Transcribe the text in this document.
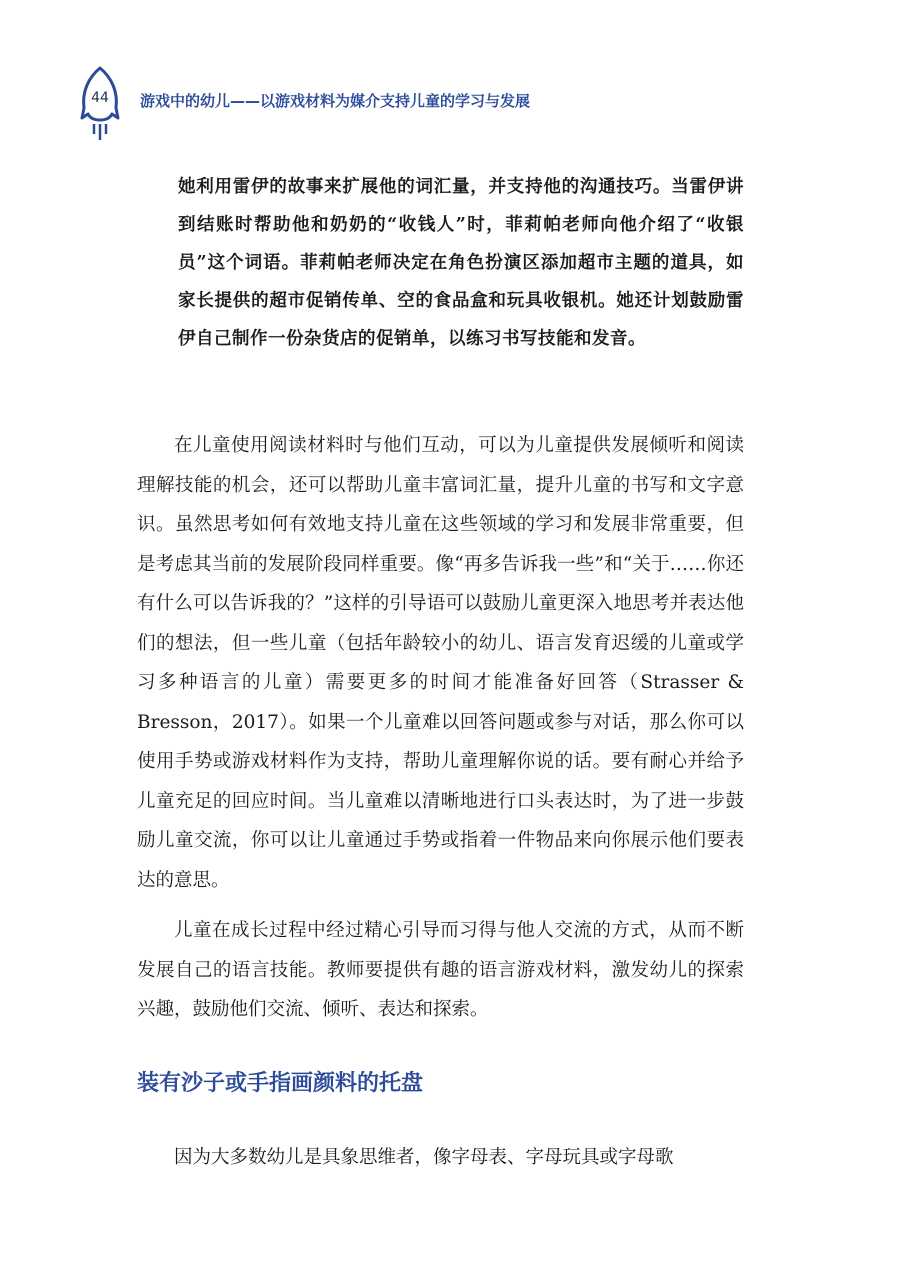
44	游戏中的幼儿——以游戏材料为媒介支持儿童的学习与发展

她利用雷伊的故事来扩展他的词汇量，并支持他的沟通技巧。当雷伊讲到结账时帮助他和奶奶的“收钱人”时，菲莉帕老师向他介绍了“收银员”这个词语。菲莉帕老师决定在角色扮演区添加超市主题的道具，如家长提供的超市促销传单、空的食品盒和玩具收银机。她还计划鼓励雷伊自己制作一份杂货店的促销单，以练习书写技能和发音。

在儿童使用阅读材料时与他们互动，可以为儿童提供发展倾听和阅读理解技能的机会，还可以帮助儿童丰富词汇量，提升儿童的书写和文字意识。虽然思考如何有效地支持儿童在这些领域的学习和发展非常重要，但是考虑其当前的发展阶段同样重要。像“再多告诉我一些”和“关于……你还有什么可以告诉我的？”这样的引导语可以鼓励儿童更深入地思考并表达他们的想法，但一些儿童（包括年龄较小的幼儿、语言发育迟缓的儿童或学习多种语言的儿童）需要更多的时间才能准备好回答（Strasser & Bresson，2017）。如果一个儿童难以回答问题或参与对话，那么你可以使用手势或游戏材料作为支持，帮助儿童理解你说的话。要有耐心并给予儿童充足的回应时间。当儿童难以清晰地进行口头表达时，为了进一步鼓励儿童交流，你可以让儿童通过手势或指着一件物品来向你展示他们要表达的意思。

儿童在成长过程中经过精心引导而习得与他人交流的方式，从而不断发展自己的语言技能。教师要提供有趣的语言游戏材料，激发幼儿的探索兴趣，鼓励他们交流、倾听、表达和探索。

装有沙子或手指画颜料的托盘

因为大多数幼儿是具象思维者，像字母表、字母玩具或字母歌
